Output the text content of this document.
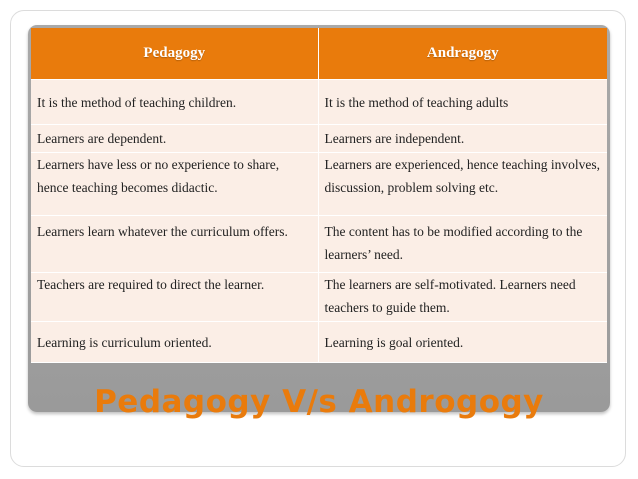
Pedagogy	Andragogy
It is the method of teaching children.	It is the method of teaching adults
Learners are dependent.	Learners are independent.
Learners have less or no experience to share, hence teaching becomes didactic.	Learners are experienced, hence teaching involves, discussion, problem solving etc.
Learners learn whatever the curriculum offers.	The content has to be modified according to the learners’ need.
Teachers are required to direct the learner.	The learners are self-motivated. Learners need teachers to guide them.
Learning is curriculum oriented.	Learning is goal oriented.
Pedagogy V/s Androgogy
